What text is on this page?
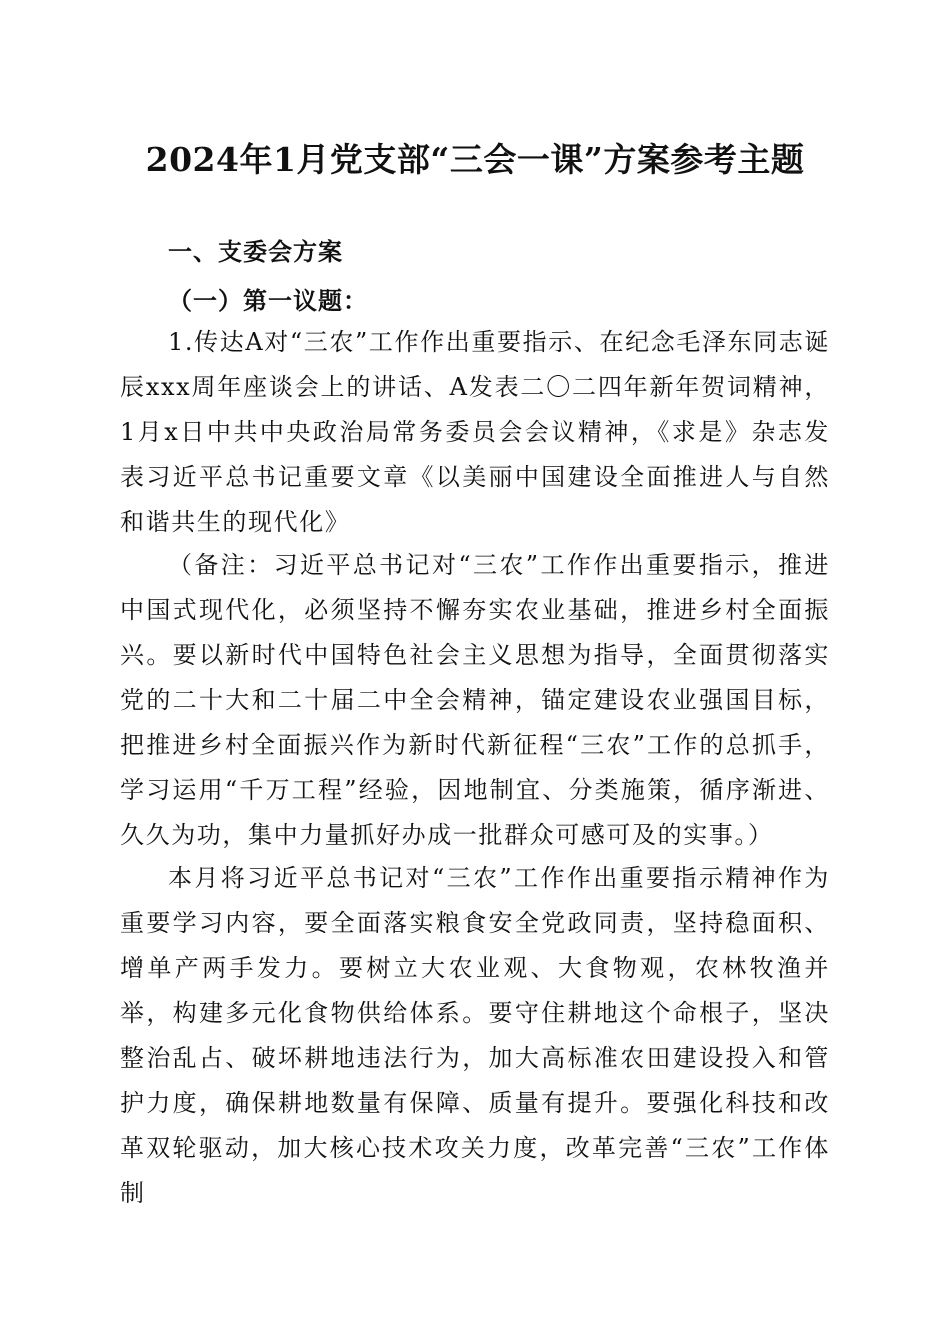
2024年1月党支部“三会一课”方案参考主题
一、支委会方案
（一）第一议题：

1.传达A对“三农”工作作出重要指示、在纪念毛泽东同志诞辰xxx周年座谈会上的讲话、A发表二〇二四年新年贺词精神，1月x日中共中央政治局常务委员会会议精神，《求是》杂志发表习近平总书记重要文章《以美丽中国建设全面推进人与自然和谐共生的现代化》

（备注：习近平总书记对“三农”工作作出重要指示，推进中国式现代化，必须坚持不懈夯实农业基础，推进乡村全面振兴。要以新时代中国特色社会主义思想为指导，全面贯彻落实党的二十大和二十届二中全会精神，锚定建设农业强国目标，把推进乡村全面振兴作为新时代新征程“三农”工作的总抓手，学习运用“千万工程”经验，因地制宜、分类施策，循序渐进、久久为功，集中力量抓好办成一批群众可感可及的实事。）

本月将习近平总书记对“三农”工作作出重要指示精神作为重要学习内容，要全面落实粮食安全党政同责，坚持稳面积、增单产两手发力。要树立大农业观、大食物观，农林牧渔并举，构建多元化食物供给体系。要守住耕地这个命根子，坚决整治乱占、破坏耕地违法行为，加大高标准农田建设投入和管护力度，确保耕地数量有保障、质量有提升。要强化科技和改革双轮驱动，加大核心技术攻关力度，改革完善“三农”工作体制
